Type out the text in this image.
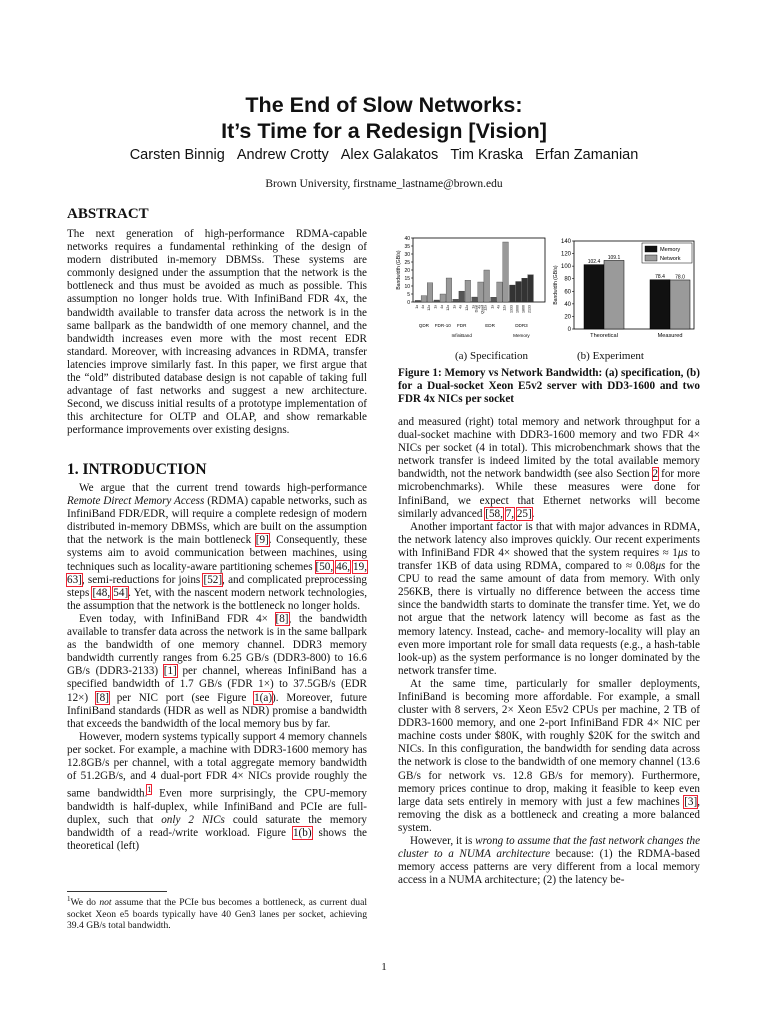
The End of Slow Networks:
It’s Time for a Redesign [Vision]
Carsten Binnig Andrew Crotty Alex Galakatos Tim Kraska Erfan Zamanian
Brown University, firstname_lastname@brown.edu
ABSTRACT

The next generation of high-performance RDMA-capable networks requires a fundamental rethinking of the design of modern distributed in-memory DBMSs. These systems are commonly designed under the assumption that the network is the bottleneck and thus must be avoided as much as possible. This assumption no longer holds true. With InfiniBand FDR 4x, the bandwidth available to transfer data across the network is in the same ballpark as the bandwidth of one memory channel, and the bandwidth increases even more with the most recent EDR standard. Moreover, with increasing advances in RDMA, transfer latencies improve similarly fast. In this paper, we first argue that the “old” distributed database design is not capable of taking full advantage of fast networks and suggest a new architecture. Second, we discuss initial results of a prototype implementation of this architecture for OLTP and OLAP, and show remarkable performance improvements over existing designs.

1. INTRODUCTION

We argue that the current trend towards high-performance Remote Direct Memory Access (RDMA) capable networks, such as InfiniBand FDR/EDR, will require a complete redesign of modern distributed in-memory DBMSs, which are built on the assumption that the network is the main bottleneck [9]. Consequently, these systems aim to avoid communication between machines, using techniques such as locality-aware partitioning schemes [50, 46, 19, 63], semi-reductions for joins [52], and complicated preprocessing steps [48, 54]. Yet, with the nascent modern network technologies, the assumption that the network is the bottleneck no longer holds.

Even today, with InfiniBand FDR 4× [8], the bandwidth available to transfer data across the network is in the same ballpark as the bandwidth of one memory channel. DDR3 memory bandwidth currently ranges from 6.25 GB/s (DDR3-800) to 16.6 GB/s (DDR3-2133) [1] per channel, whereas InfiniBand has a specified bandwidth of 1.7 GB/s (FDR 1×) to 37.5GB/s (EDR 12×) [8] per NIC port (see Figure 1(a)). Moreover, future InfiniBand standards (HDR as well as NDR) promise a bandwidth that exceeds the bandwidth of the local memory bus by far.

However, modern systems typically support 4 memory channels per socket. For example, a machine with DDR3-1600 memory has 12.8GB/s per channel, with a total aggregate memory bandwidth of 51.2GB/s, and 4 dual-port FDR 4× NICs provide roughly the same bandwidth.$^1$ Even more surprisingly, the CPU-memory bandwidth is half-duplex, while InfiniBand and PCIe are full-duplex, such that only 2 NICs could saturate the memory bandwidth of a read-/write workload. Figure 1(b) shows the theoretical (left)

$^1$We do not assume that the PCIe bus becomes a bottleneck, as current dual socket Xeon e5 boards typically have 40 Gen3 lanes per socket, achieving 39.4 GB/s total bandwidth.
0
5
10
15
20
25
30
35
40
Bandwidth (GB/s)
1x 4x 12x 1x 4x 12x 1x 4x 12x 1x 4x 12x 1x 4x 12x 1333 1600 1866 2133
Dual Quad
QDR FDR-10 FDR	EDR	DDR3
InfiniBand	Memory
0
20
40
60
80
100
120
140
Bandwidth (GB/s)
102.4
109.1
Theoretical
78.4 78.0
Measured
Memory
Network
(a) Specification	(b) Experiment
Figure 1: Memory vs Network Bandwidth: (a) specification, (b) for a Dual-socket Xeon E5v2 server with DD3-1600 and two FDR 4x NICs per socket

and measured (right) total memory and network throughput for a dual-socket machine with DDR3-1600 memory and two FDR 4× NICs per socket (4 in total). This microbenchmark shows that the network transfer is indeed limited by the total available memory bandwidth, not the network bandwidth (see also Section 2 for more microbenchmarks). While these measures were done for InfiniBand, we expect that Ethernet networks will become similarly advanced [58, 7, 25].

Another important factor is that with major advances in RDMA, the network latency also improves quickly. Our recent experiments with InfiniBand FDR 4× showed that the system requires ≈ 1μs to transfer 1KB of data using RDMA, compared to ≈ 0.08μs for the CPU to read the same amount of data from memory. With only 256KB, there is virtually no difference between the access time since the bandwidth starts to dominate the transfer time. Yet, we do not argue that the network latency will become as fast as the memory latency. Instead, cache- and memory-locality will play an even more important role for small data requests (e.g., a hash-table look-up) as the system performance is no longer dominated by the network transfer time.

At the same time, particularly for smaller deployments, InfiniBand is becoming more affordable. For example, a small cluster with 8 servers, 2× Xeon E5v2 CPUs per machine, 2 TB of DDR3-1600 memory, and one 2-port InfiniBand FDR 4× NIC per machine costs under $80K, with roughly $20K for the switch and NICs. In this configuration, the bandwidth for sending data across the network is close to the bandwidth of one memory channel (13.6 GB/s for network vs. 12.8 GB/s for memory). Furthermore, memory prices continue to drop, making it feasible to keep even large data sets entirely in memory with just a few machines [3], removing the disk as a bottleneck and creating a more balanced system.

However, it is wrong to assume that the fast network changes the cluster to a NUMA architecture because: (1) the RDMA-based memory access patterns are very different from a local memory access in a NUMA architecture; (2) the latency be-

1
